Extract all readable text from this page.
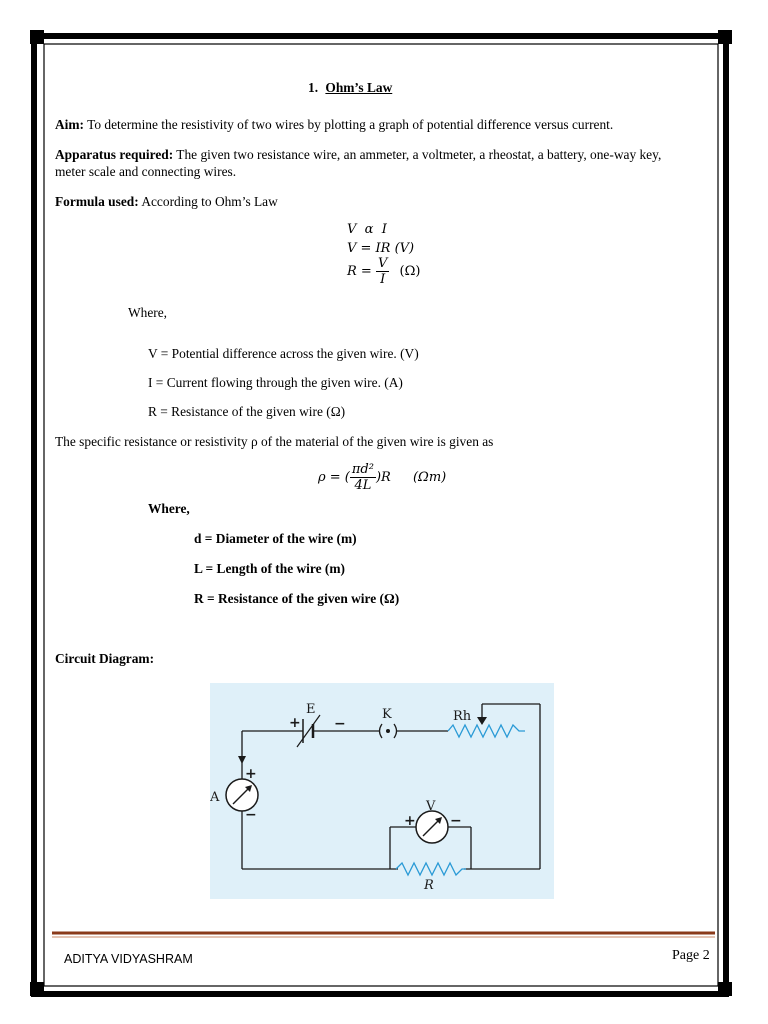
1. Ohm’s Law
Aim: To determine the resistivity of two wires by plotting a graph of potential difference versus current.
Apparatus required: The given two resistance wire, an ammeter, a voltmeter, a rheostat, a battery, one-way key,
meter scale and connecting wires.
Formula used: According to Ohm’s Law
V  α  I
V = IR (V)
$R = \frac{V}{I} (\Omega)$
Where,
V = Potential difference across the given wire. (V)
I = Current flowing through the given wire. (A)
R = Resistance of the given wire (Ω)
The specific resistance or resistivity ρ of the material of the given wire is given as
ρ = ( $\frac{\text{πd²}}{4L} )R$ (Ωm)
Where,
d = Diameter of the wire (m)
L = Length of the wire (m)
R = Resistance of the given wire (Ω)
Circuit Diagram:
E
+ −
K	Rh
A
+
−
V
+ −
R
ADITYA VIDYASHRAM	Page 2
